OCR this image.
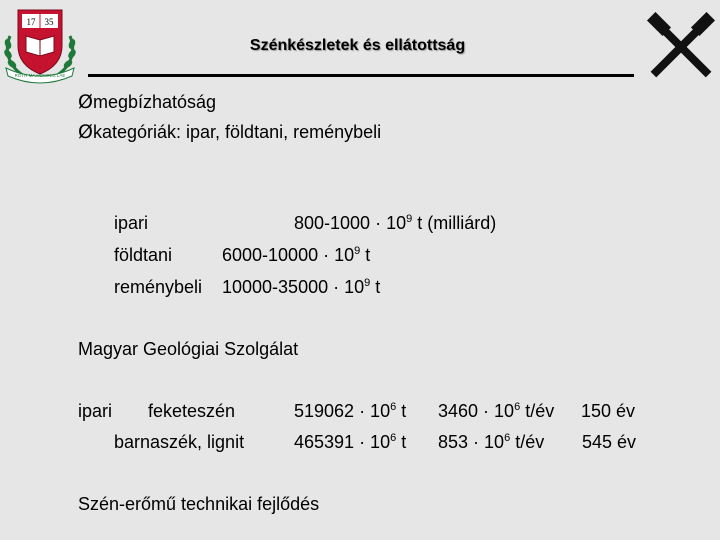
17 35
ROTH MA HOMINIS LAE
Szénkészletek és ellátottság
Ømegbízhatóság
Økategóriák: ipar, földtani, reménybeli
ipari	$800-1000 \cdot 10^9$ t (milliárd)
földtani	$6000-10000 \cdot 10^9$ t
reménybeli $10000-35000 \cdot 10^9$ t
Magyar Geológiai Szolgálat
ipari feketeszén	$519062 \cdot 10^6$ t $3460 \cdot 10^6$ t/év 150 év
barnaszék, lignit	$465391 \cdot 10^6$ t $853 \cdot 10^6$ t/év 545 év
Szén-erőmű technikai fejlődés
